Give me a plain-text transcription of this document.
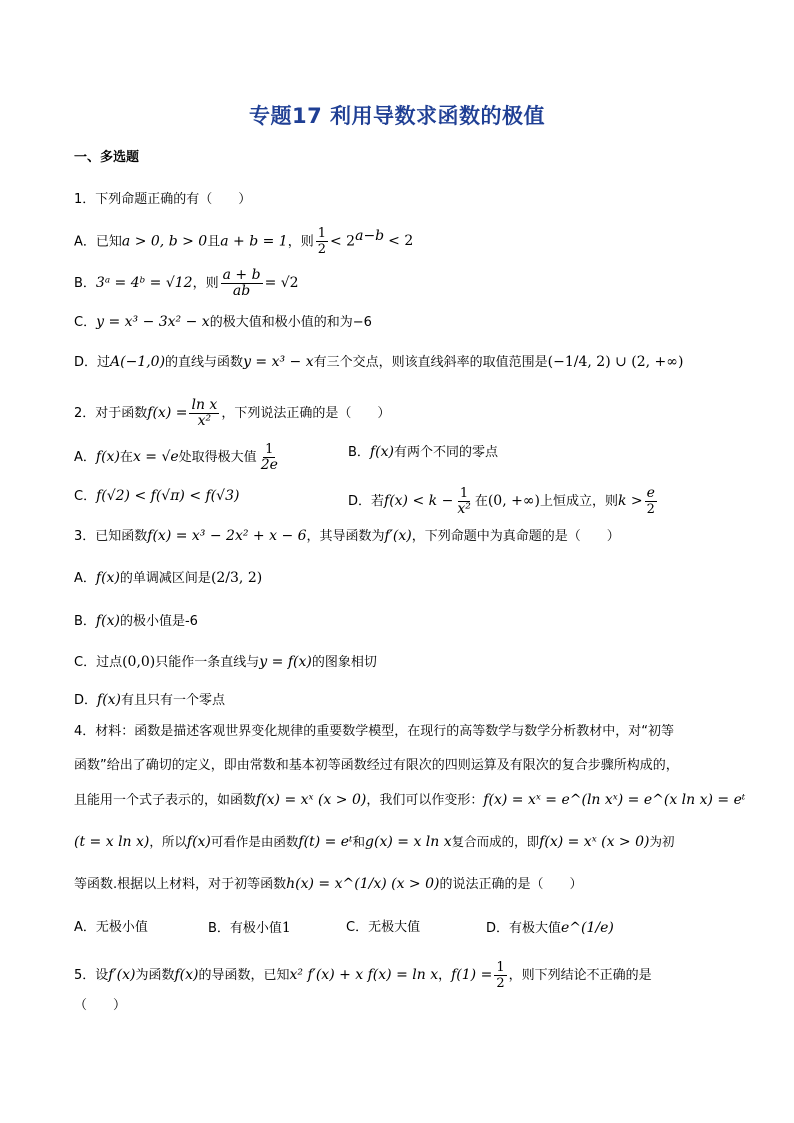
专题17 利用导数求函数的极值
一、多选题
1．下列命题正确的有（　　）
A．已知a > 0, b > 0且a + b = 1，则 $\frac{1}{2} < 2^{a-b} < 2$
B．3ᵃ = 4ᵇ = √12，则 $\frac{a + b}{ab} = √2$
C．y = x³ − 3x² − x的极大值和极小值的和为−6
D．过A(−1,0)的直线与函数y = x³ − x有三个交点，则该直线斜率的取值范围是(−1/4, 2) ∪ (2, +∞)
2．对于函数$f(x) = \frac{\text{ln x}}{\text{x²}}$ ，下列说法正确的是（　　）
A．f(x)在x = √e处取得极大值 $\frac{1}{2e}$	B．f(x)有两个不同的零点
C．f(√2) < f(√π) < f(√3)	D．若$f(x) < k - \frac{1}{\text{x²}}$ 在(0, +∞)上恒成立，则$k > \frac{e}{2}$
3．已知函数f(x) = x³ − 2x² + x − 6，其导函数为f′(x)，下列命题中为真命题的是（　　）
A．f(x)的单调减区间是(2/3, 2)
B．f(x)的极小值是-6
C．过点(0,0)只能作一条直线与y = f(x)的图象相切
D．f(x)有且只有一个零点
4．材料：函数是描述客观世界变化规律的重要数学模型，在现行的高等数学与数学分析教材中，对“初等
函数”给出了确切的定义，即由常数和基本初等函数经过有限次的四则运算及有限次的复合步骤所构成的，
且能用一个式子表示的，如函数f(x) = xˣ (x > 0)，我们可以作变形：f(x) = xˣ = e^(ln xˣ) = e^(x ln x) = eᵗ
(t = x ln x)，所以f(x)可看作是由函数f(t) = eᵗ和g(x) = x ln x复合而成的，即f(x) = xˣ (x > 0)为初
等函数.根据以上材料，对于初等函数h(x) = x^(1/x) (x > 0)的说法正确的是（　　）
A．无极小值	B．有极小值1	C．无极大值	D．有极大值e^(1/e)
5．设f′(x)为函数f(x)的导函数，已知x² f′(x) + x f(x) = ln x，$f(1) = \frac{1}{2}$ ，则下列结论不正确的是
（　　）
